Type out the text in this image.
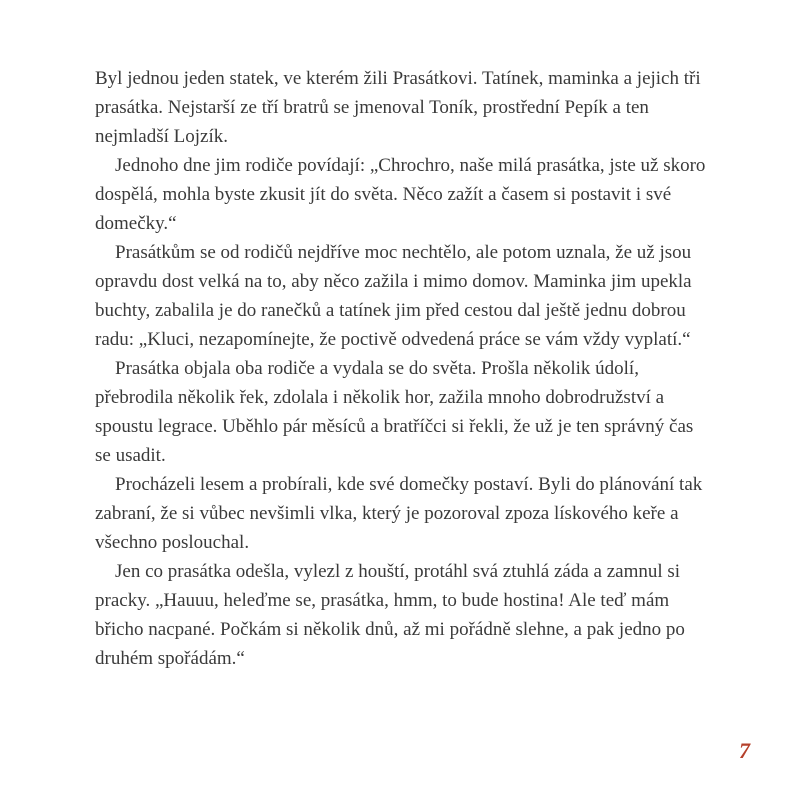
Byl jednou jeden statek, ve kterém žili Prasátkovi. Tatínek, maminka a jejich tři prasátka. Nejstarší ze tří bratrů se jmenoval Toník, prostřední Pepík a ten nejmladší Lojzík.

Jednoho dne jim rodiče povídají: „Chrochro, naše milá prasátka, jste už skoro dospělá, mohla byste zkusit jít do světa. Něco zažít a časem si postavit i své domečky.“

Prasátkům se od rodičů nejdříve moc nechtělo, ale potom uznala, že už jsou opravdu dost velká na to, aby něco zažila i mimo domov. Maminka jim upekla buchty, zabalila je do ranečků a tatínek jim před cestou dal ještě jednu dobrou radu: „Kluci, nezapomínejte, že poctivě odvedená práce se vám vždy vyplatí.“

Prasátka objala oba rodiče a vydala se do světa. Prošla několik údolí, přebrodila několik řek, zdolala i několik hor, zažila mnoho dobrodružství a spoustu legrace. Uběhlo pár měsíců a bratříčci si řekli, že už je ten správný čas se usadit.

Procházeli lesem a probírali, kde své domečky postaví. Byli do plánování tak zabraní, že si vůbec nevšimli vlka, který je pozoroval zpoza lískového keře a všechno poslouchal.

Jen co prasátka odešla, vylezl z houští, protáhl svá ztuhlá záda a zamnul si pracky. „Hauuu, heleďme se, prasátka, hmm, to bude hostina! Ale teď mám břicho nacpané. Počkám si několik dnů, až mi pořádně slehne, a pak jedno po druhém spořádám.“

7
